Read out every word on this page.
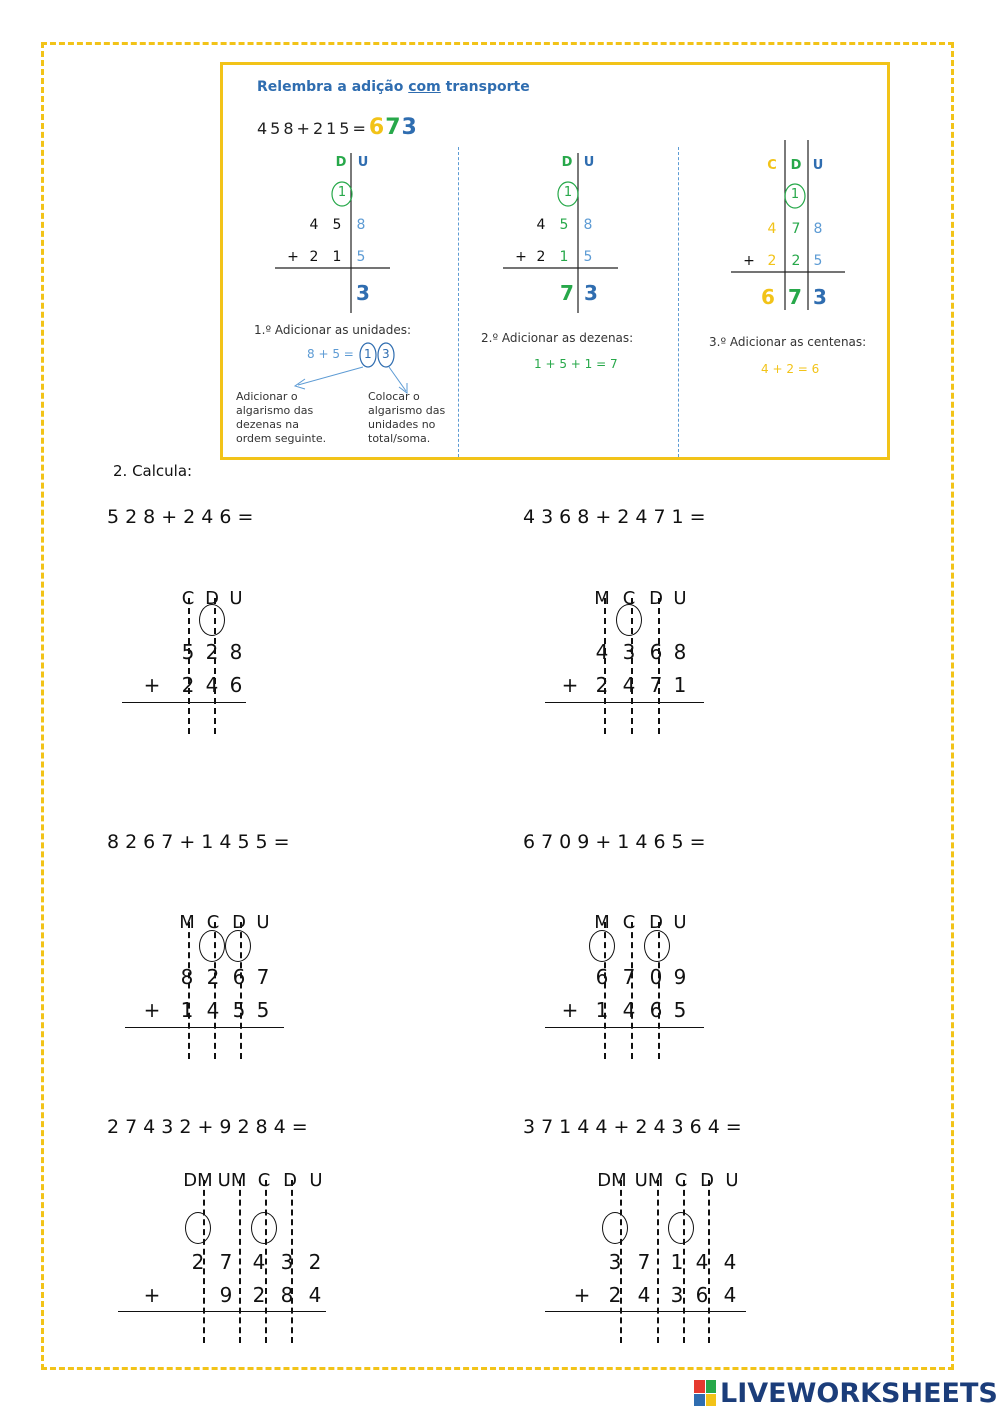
Relembra a adição com transporte
458+215=673
D U
1
4 5 8
+ 2 1 5
3
1.º Adicionar as unidades:
8 + 5 = 1 3
Adicionar o
algarismo das
dezenas na
ordem seguinte.
Colocar o
algarismo das
unidades no
total/soma.
D U
1
4 5 8
+ 2 1 5
7 3
2.º Adicionar as dezenas:
1 + 5 + 1 = 7
C D U
1
4 7 8
+ 2 2 5
6 7 3
3.º Adicionar as centenas:
4 + 2 = 6
2. Calcula:
528+246=
C D U
5 2 8
+ 2 4 6
4368+2471=
M C D U
4 3 6 8
+ 2 4 7 1
8267+1455=
M C D U
8 2 6 7
+ 1 4 5 5
6709+1465=
M C D U
6 7 0 9
+ 1 4 6 5
27432+9284=
DM UM C D U
2 7 4 3 2
+	9 2 8 4
37144+24364=
DM UM C D U
3 7 1 4 4
+ 2 4 3 6 4
LIVEWORKSHEETS
